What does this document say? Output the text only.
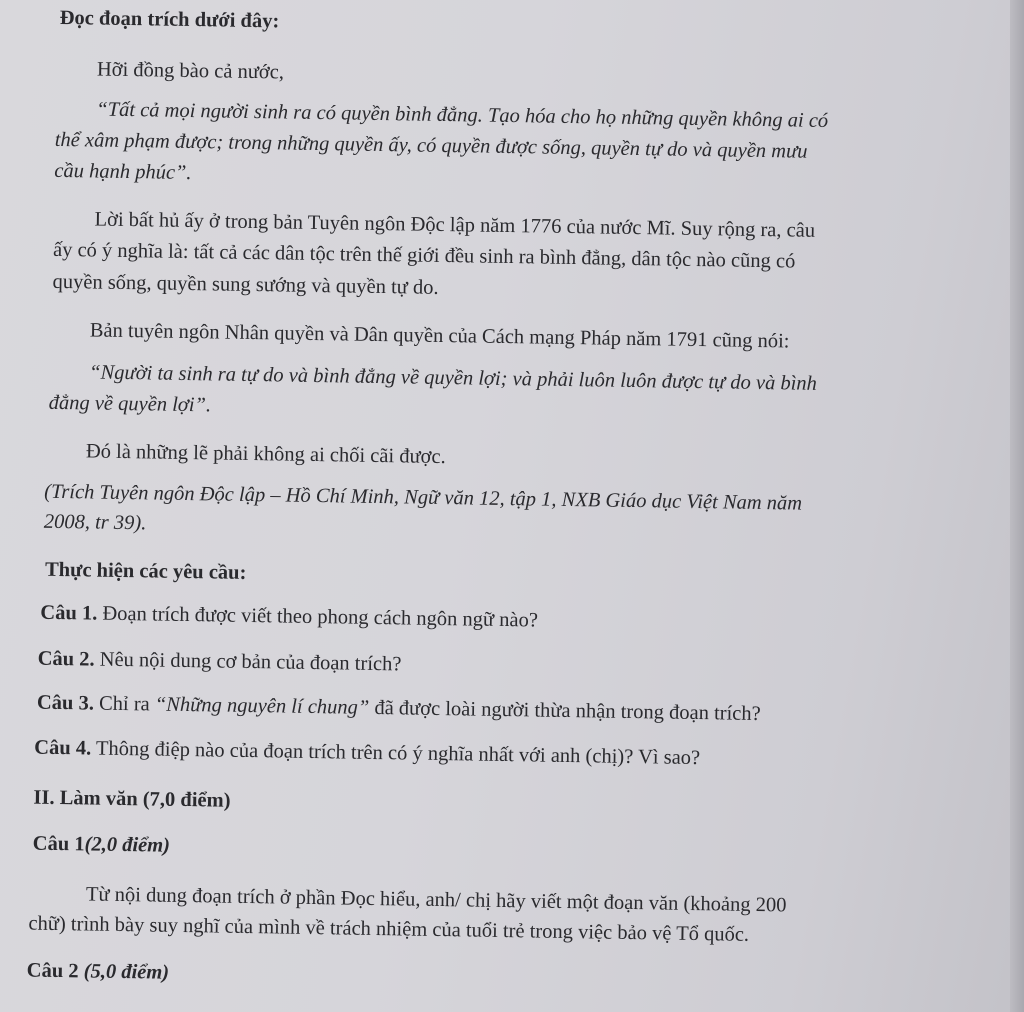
Đọc đoạn trích dưới đây:
Hỡi đồng bào cả nước,
“Tất cả mọi người sinh ra có quyền bình đẳng. Tạo hóa cho họ những quyền không ai có
thể xâm phạm được; trong những quyền ấy, có quyền được sống, quyền tự do và quyền mưu
cầu hạnh phúc”.
Lời bất hủ ấy ở trong bản Tuyên ngôn Độc lập năm 1776 của nước Mĩ. Suy rộng ra, câu
ấy có ý nghĩa là: tất cả các dân tộc trên thế giới đều sinh ra bình đẳng, dân tộc nào cũng có
quyền sống, quyền sung sướng và quyền tự do.
Bản tuyên ngôn Nhân quyền và Dân quyền của Cách mạng Pháp năm 1791 cũng nói:
“Người ta sinh ra tự do và bình đẳng về quyền lợi; và phải luôn luôn được tự do và bình
đẳng về quyền lợi”.
Đó là những lẽ phải không ai chối cãi được.
(Trích Tuyên ngôn Độc lập – Hồ Chí Minh, Ngữ văn 12, tập 1, NXB Giáo dục Việt Nam năm
2008, tr 39).
Thực hiện các yêu cầu:
Câu 1. Đoạn trích được viết theo phong cách ngôn ngữ nào?
Câu 2. Nêu nội dung cơ bản của đoạn trích?
Câu 3. Chỉ ra “Những nguyên lí chung” đã được loài người thừa nhận trong đoạn trích?
Câu 4. Thông điệp nào của đoạn trích trên có ý nghĩa nhất với anh (chị)? Vì sao?
II. Làm văn (7,0 điểm)
Câu 1(2,0 điểm)
Từ nội dung đoạn trích ở phần Đọc hiểu, anh/ chị hãy viết một đoạn văn (khoảng 200
chữ) trình bày suy nghĩ của mình về trách nhiệm của tuổi trẻ trong việc bảo vệ Tổ quốc.
Câu 2 (5,0 điểm)
